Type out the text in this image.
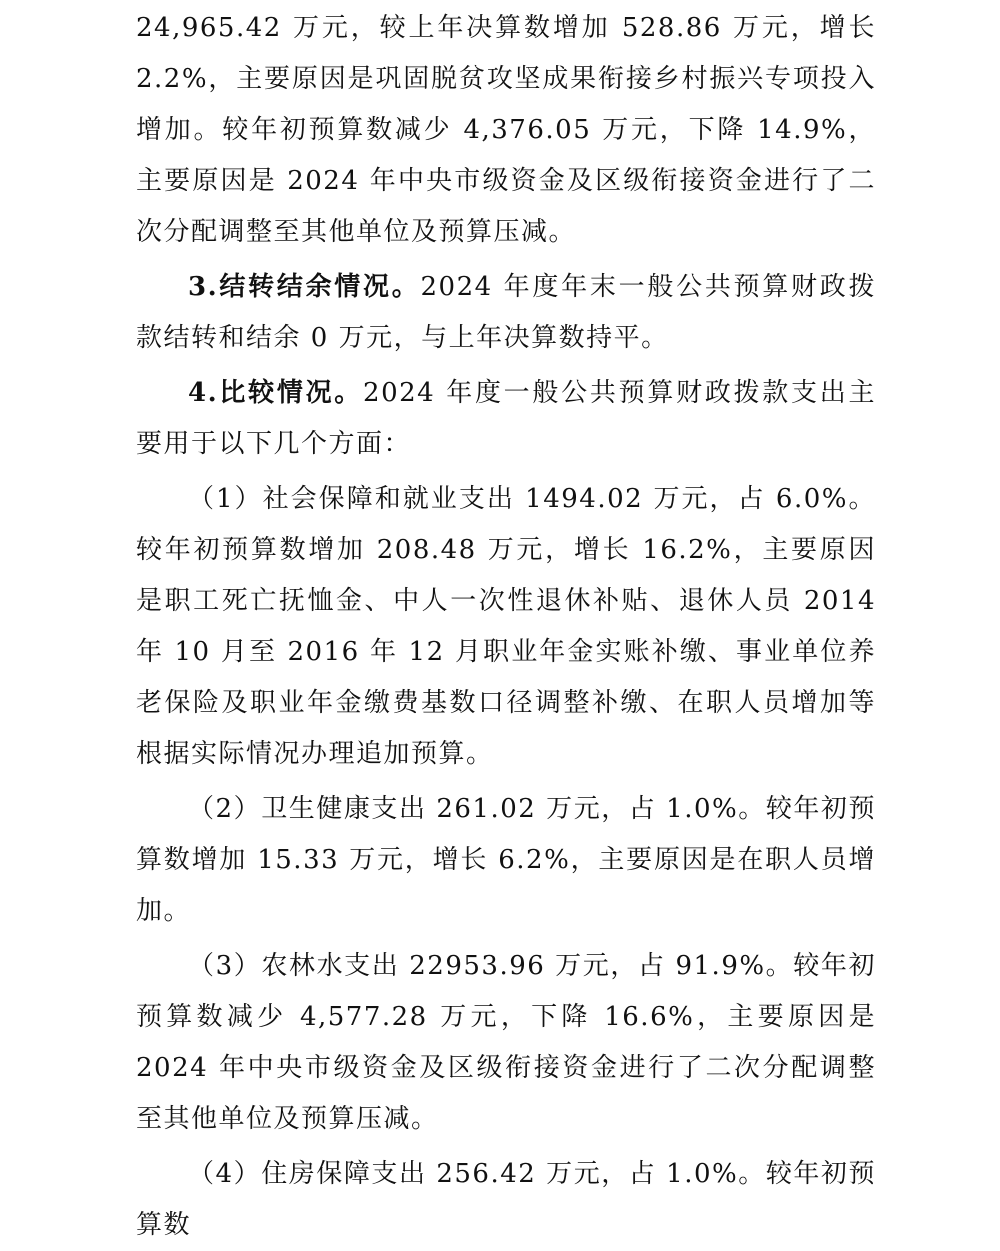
24,965.42 万元，较上年决算数增加 528.86 万元，增长 2.2%，主要原因是巩固脱贫攻坚成果衔接乡村振兴专项投入增加。较年初预算数减少 4,376.05 万元，下降 14.9%，主要原因是 2024 年中央市级资金及区级衔接资金进行了二次分配调整至其他单位及预算压减。

3.结转结余情况。2024 年度年末一般公共预算财政拨款结转和结余 0 万元，与上年决算数持平。

4.比较情况。2024 年度一般公共预算财政拨款支出主要用于以下几个方面：

（1）社会保障和就业支出 1494.02 万元，占 6.0%。较年初预算数增加 208.48 万元，增长 16.2%，主要原因是职工死亡抚恤金、中人一次性退休补贴、退休人员 2014 年 10 月至 2016 年 12 月职业年金实账补缴、事业单位养老保险及职业年金缴费基数口径调整补缴、在职人员增加等根据实际情况办理追加预算。

（2）卫生健康支出 261.02 万元，占 1.0%。较年初预算数增加 15.33 万元，增长 6.2%，主要原因是在职人员增加。

（3）农林水支出 22953.96 万元，占 91.9%。较年初预算数减少 4,577.28 万元，下降 16.6%，主要原因是 2024 年中央市级资金及区级衔接资金进行了二次分配调整至其他单位及预算压减。

（4）住房保障支出 256.42 万元，占 1.0%。较年初预算数
